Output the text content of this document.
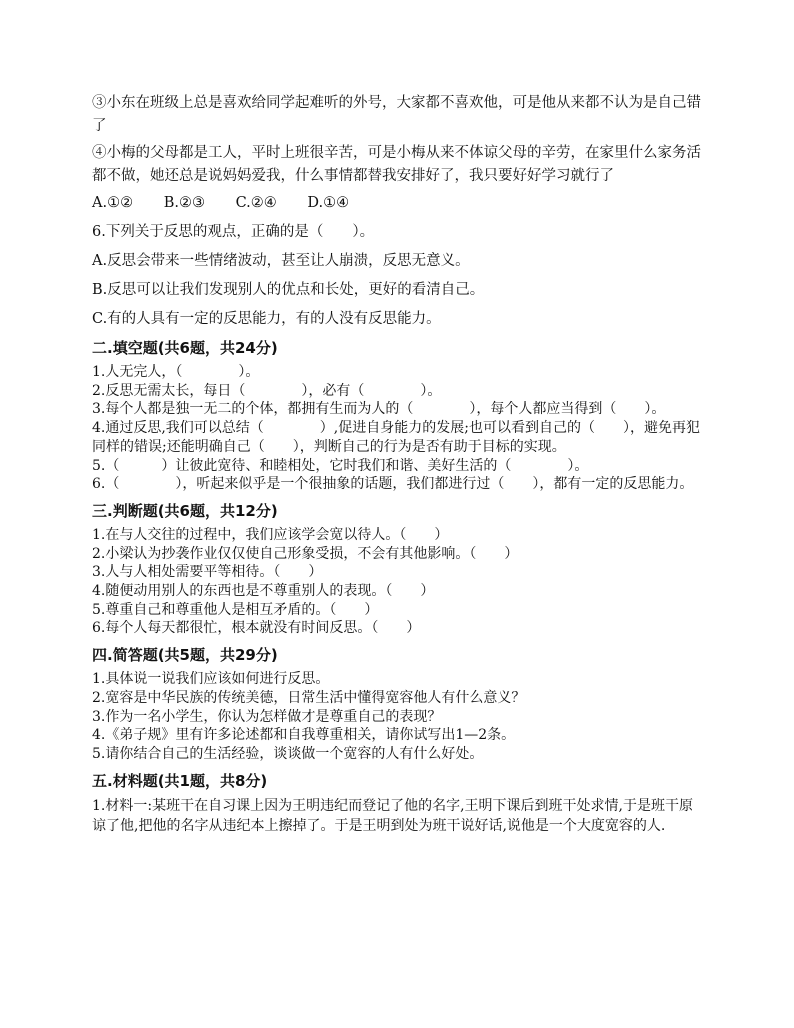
③小东在班级上总是喜欢给同学起难听的外号，大家都不喜欢他，可是他从来都不认为是自己错了

④小梅的父母都是工人，平时上班很辛苦，可是小梅从来不体谅父母的辛劳，在家里什么家务活都不做，她还总是说妈妈爱我，什么事情都替我安排好了，我只要好好学习就行了

A.①② B.②③ C.②④ D.①④

6.下列关于反思的观点，正确的是（　　）。

A.反思会带来一些情绪波动，甚至让人崩溃，反思无意义。

B.反思可以让我们发现别人的优点和长处，更好的看清自己。

C.有的人具有一定的反思能力，有的人没有反思能力。

二.填空题(共6题，共24分)

1.人无完人，（　　　　）。

2.反思无需太长，每日（　　　　），必有（　　　　）。

3.每个人都是独一无二的个体，都拥有生而为人的（　　　　），每个人都应当得到（　　）。

4.通过反思,我们可以总结（　　　　）,促进自身能力的发展;也可以看到自己的（　　），避免再犯同样的错误;还能明确自己（　　），判断自己的行为是否有助于目标的实现。

5.（　　　）让彼此宽待、和睦相处，它时我们和谐、美好生活的（　　　　）。

6.（　　　　），听起来似乎是一个很抽象的话题，我们都进行过（　　），都有一定的反思能力。

三.判断题(共6题，共12分)

1.在与人交往的过程中，我们应该学会宽以待人。（　　）

2.小梁认为抄袭作业仅仅使自己形象受损，不会有其他影响。（　　）

3.人与人相处需要平等相待。（　　）

4.随便动用别人的东西也是不尊重别人的表现。（　　）

5.尊重自己和尊重他人是相互矛盾的。（　　）

6.每个人每天都很忙，根本就没有时间反思。（　　）

四.简答题(共5题，共29分)

1.具体说一说我们应该如何进行反思。

2.宽容是中华民族的传统美德，日常生活中懂得宽容他人有什么意义？

3.作为一名小学生，你认为怎样做才是尊重自己的表现？

4.《弟子规》里有许多论述都和自我尊重相关，请你试写出1—2条。

5.请你结合自己的生活经验，谈谈做一个宽容的人有什么好处。

五.材料题(共1题，共8分)

1.材料一:某班干在自习课上因为王明违纪而登记了他的名字,王明下课后到班干处求情,于是班干原谅了他,把他的名字从违纪本上擦掉了。于是王明到处为班干说好话,说他是一个大度宽容的人.
